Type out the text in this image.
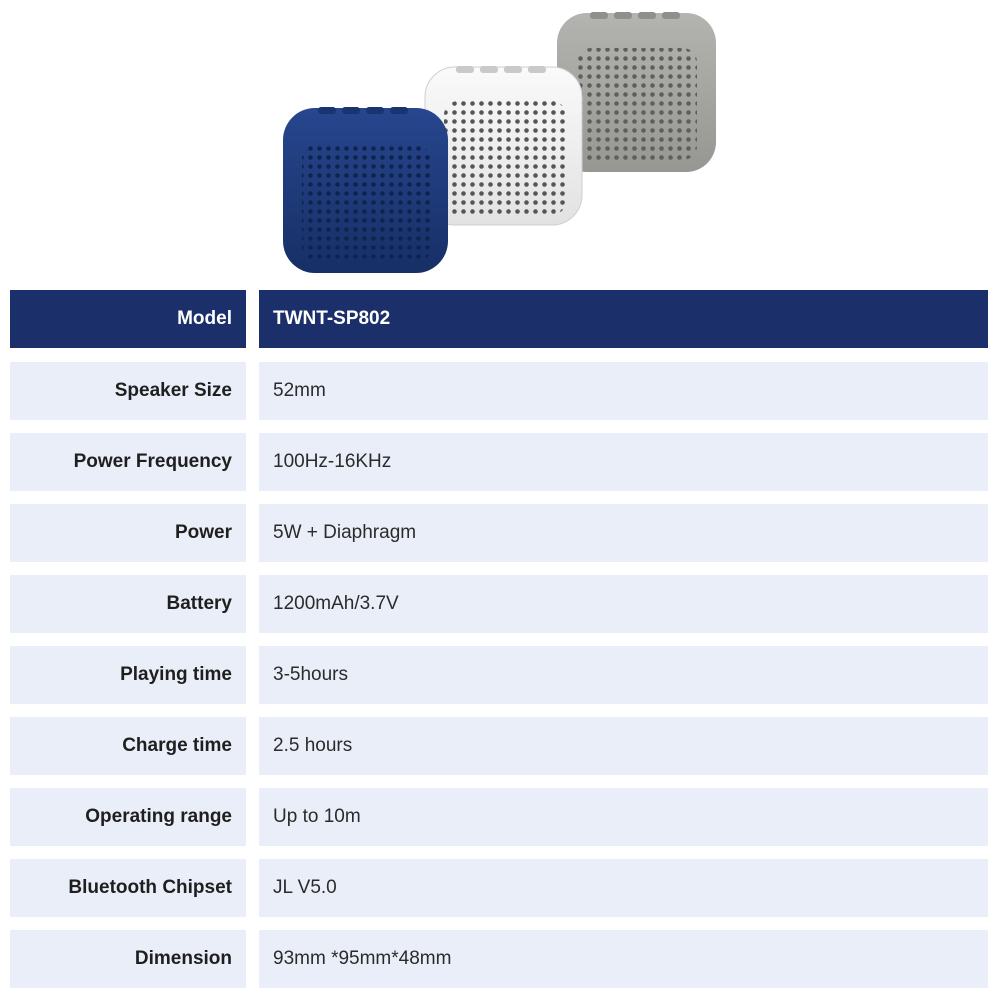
Model	TWNT-SP802
Speaker Size	52mm
Power Frequency	100Hz-16KHz
Power	5W + Diaphragm
Battery	1200mAh/3.7V
Playing time	3-5hours
Charge time	2.5 hours
Operating range	Up to 10m
Bluetooth Chipset	JL V5.0
Dimension	93mm *95mm*48mm
